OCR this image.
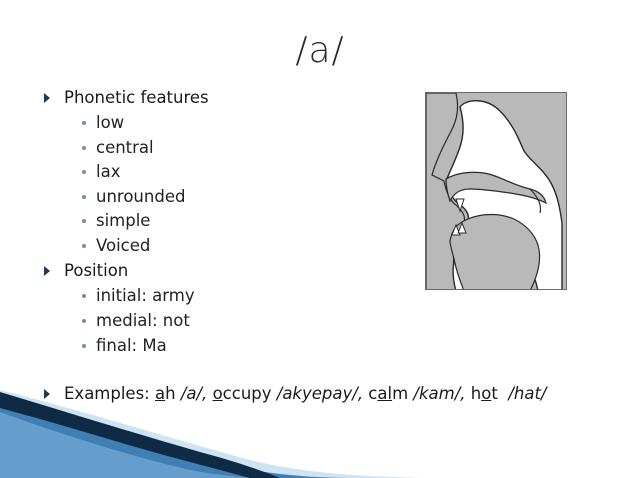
/a/
Phonetic features
low
central
lax
unrounded
simple
Voiced
Position
initial: army
medial: not
final: Ma
Examples:
ah /a/, occupy /akyepay/, calm /kam/, hot  /hat/
